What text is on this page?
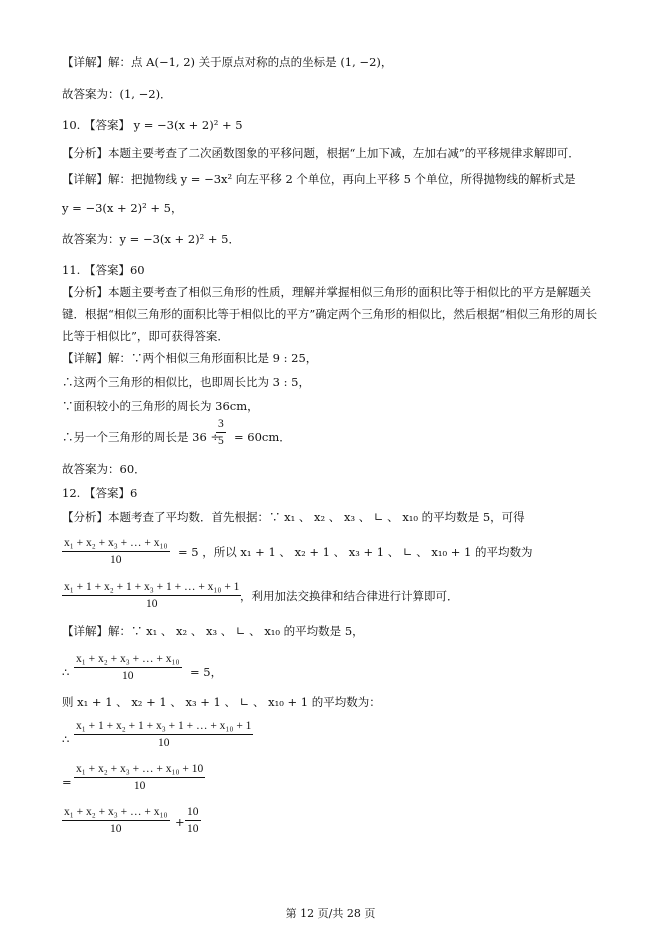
【详解】解：点 A(−1, 2) 关于原点对称的点的坐标是 (1, −2)，
故答案为：(1, −2)．
10. 【答案】 y = −3(x + 2)² + 5
【分析】本题主要考查了二次函数图象的平移问题，根据“上加下减，左加右减”的平移规律求解即可．
【详解】解：把抛物线 y = −3x² 向左平移 2 个单位，再向上平移 5 个单位，所得抛物线的解析式是
y = −3(x + 2)² + 5，
故答案为：y = −3(x + 2)² + 5．
11. 【答案】60
【分析】本题主要考查了相似三角形的性质，理解并掌握相似三角形的面积比等于相似比的平方是解题关键．根据“相似三角形的面积比等于相似比的平方”确定两个三角形的相似比，然后根据“相似三角形的周长比等于相似比”，即可获得答案．
【详解】解：∵两个相似三角形面积比是 9 : 25，
∴这两个三角形的相似比，也即周长比为 3 : 5，
∵面积较小的三角形的周长为 36cm，
∴另一个三角形的周长是 36 ÷
$\frac{3}{5} = 60cm$．
故答案为：60．
12. 【答案】6
【分析】本题考查了平均数．首先根据：∵ x₁ 、 x₂ 、 x₃ 、 ∟ 、 x₁₀ 的平均数是 5，可得
$\frac{\text{x₁ + x₂ + x₃ + … + x₁₀}}{10} = 5$ ，所以 x₁ + 1 、 x₂ + 1 、 x₃ + 1 、 ∟ 、 x₁₀ + 1 的平均数为
$\frac{\text{x₁ + 1 + x₂ + 1 + x₃ + 1 + … + x₁₀ + 1}}{10}$
，利用加法交换律和结合律进行计算即可．
【详解】解：∵ x₁ 、 x₂ 、 x₃ 、 ∟ 、 x₁₀ 的平均数是 5，
∴ $\frac{\text{x₁ + x₂ + x₃ + … + x₁₀}}{10} = 5$，
则 x₁ + 1 、 x₂ + 1 、 x₃ + 1 、 ∟ 、 x₁₀ + 1 的平均数为：
∴ $\frac{\text{x₁ + 1 + x₂ + 1 + x₃ + 1 + … + x₁₀ + 1}}{10}$
= $\frac{\text{x₁ + x₂ + x₃ + … + x₁₀ + 10}}{10}$
$\frac{\text{x₁ + x₂ + x₃ + … + x₁₀}}{10} + \frac{10}{10}$
第 12 页/共 28 页
